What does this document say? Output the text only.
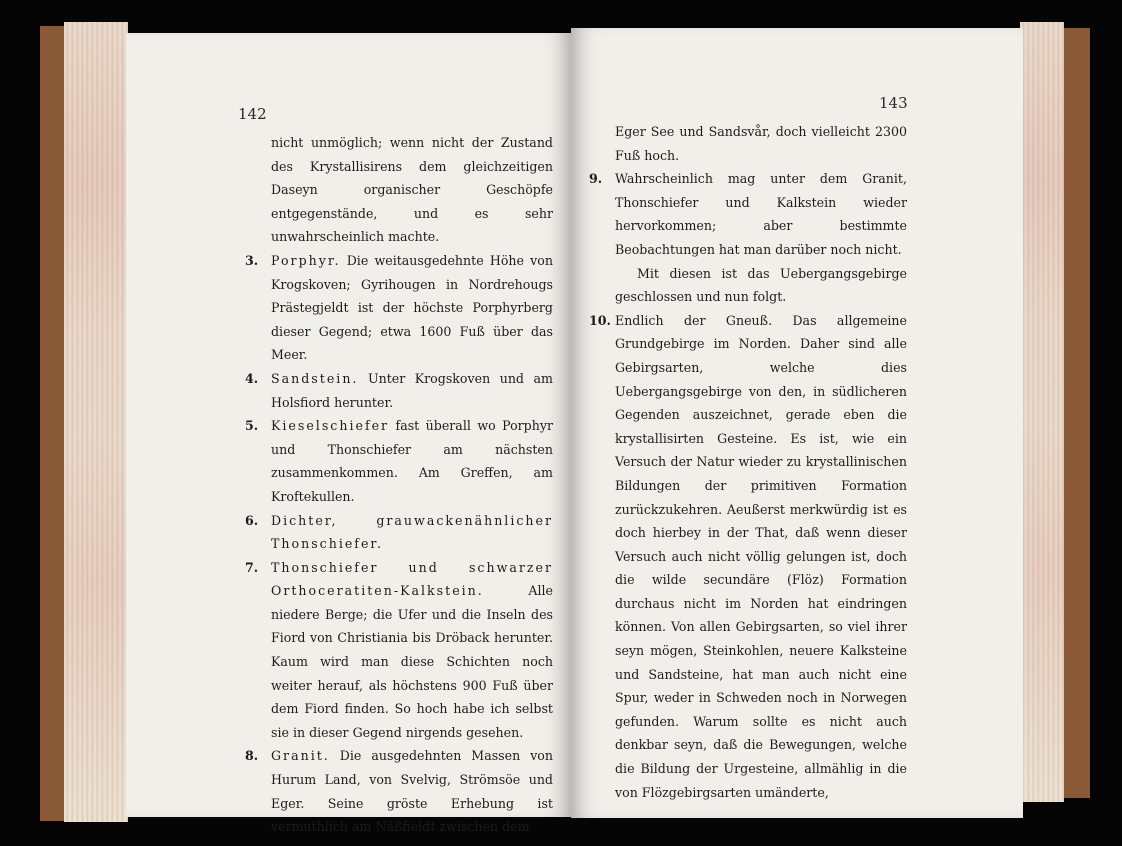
142

nicht unmöglich; wenn nicht der Zustand des Krystallisirens dem gleichzeitigen Daseyn organischer Geschöpfe entgegenstände, und es sehr unwahrscheinlich machte.

3. Porphyr. Die weitausgedehnte Höhe von Krogskoven; Gyrihougen in Nordrehougs Prästegjeldt ist der höchste Porphyrberg dieser Gegend; etwa 1600 Fuß über das Meer.
4. Sandstein. Unter Krogskoven und am Holsfiord herunter.
5. Kieselschiefer fast überall wo Porphyr und Thonschiefer am nächsten zusammenkommen. Am Greffen, am Kroftekullen.
6. Dichter, grauwackenähnlicher Thonschiefer.
7. Thonschiefer und schwarzer Orthoceratiten-Kalkstein.	Alle niedere Berge; die Ufer und die Inseln des Fiord von Christiania bis Dröback herunter. Kaum wird man diese Schichten noch weiter herauf, als höchstens 900 Fuß über dem Fiord finden. So hoch habe ich selbst sie in dieser Gegend nirgends gesehen.
8. Granit. Die ausgedehnten Massen von Hurum Land, von Svelvig, Strömsöe und Eger. Seine gröste Erhebung ist vermuthlich am Näßfieldt zwischen dem
143

Eger See und Sandsvår, doch vielleicht 2300 Fuß hoch.

9. Wahrscheinlich mag unter dem Granit, Thonschiefer und Kalkstein wieder hervorkommen; aber bestimmte Beobachtungen hat man darüber noch nicht.

Mit diesen ist das Uebergangsgebirge geschlossen und nun folgt.

10. Endlich der Gneuß. Das allgemeine Grundgebirge im Norden. Daher sind alle Gebirgsarten, welche dies Uebergangsgebirge von den, in südlicheren Gegenden auszeichnet, gerade eben die krystallisirten Gesteine. Es ist, wie ein Versuch der Natur wieder zu krystallinischen Bildungen der primitiven Formation zurückzukehren. Aeußerst merkwürdig ist es doch hierbey in der That, daß wenn dieser Versuch auch nicht völlig gelungen ist, doch die wilde secundäre (Flöz) Formation durchaus nicht im Norden hat eindringen können. Von allen Gebirgsarten, so viel ihrer seyn mögen, Steinkohlen, neuere Kalksteine und Sandsteine, hat man auch nicht eine Spur, weder in Schweden noch in Norwegen gefunden. Warum sollte es nicht auch denkbar seyn, daß die Bewegungen, welche die Bildung der Urgesteine, allmählig in die von Flözgebirgsarten umänderte,
